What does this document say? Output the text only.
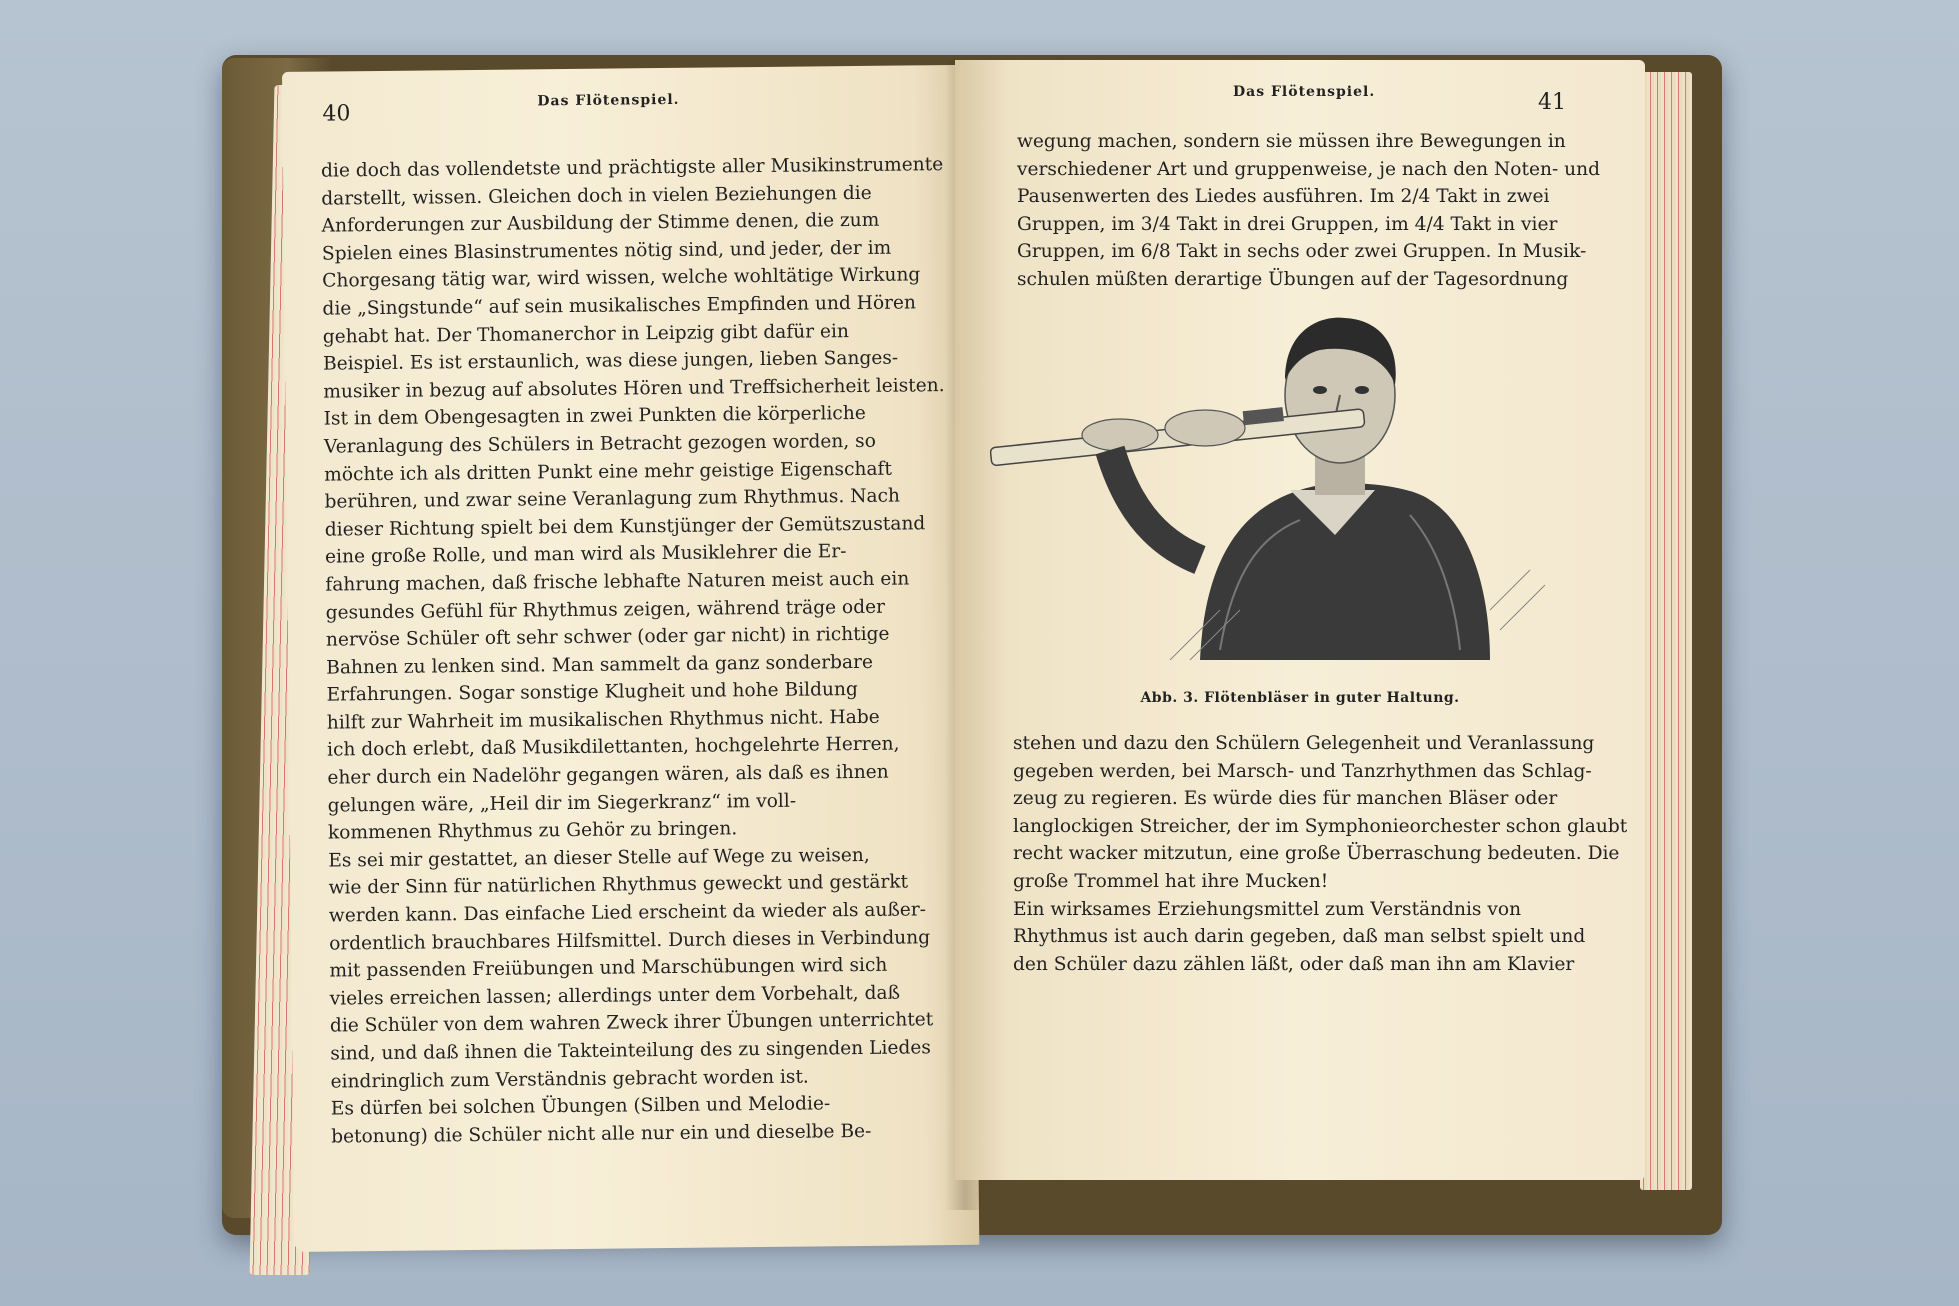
40
Das Flötenspiel.
die doch das vollendetste und prächtigste aller Musikinstrumente
darstellt, wissen. Gleichen doch in vielen Beziehungen die
Anforderungen zur Ausbildung der Stimme denen, die zum
Spielen eines Blasinstrumentes nötig sind, und jeder, der im
Chorgesang tätig war, wird wissen, welche wohltätige Wirkung
die „Singstunde“ auf sein musikalisches Empfinden und Hören
gehabt hat. Der Thomanerchor in Leipzig gibt dafür ein
Beispiel. Es ist erstaunlich, was diese jungen, lieben Sanges-
musiker in bezug auf absolutes Hören und Treffsicherheit leisten.
Ist in dem Obengesagten in zwei Punkten die körperliche
Veranlagung des Schülers in Betracht gezogen worden, so
möchte ich als dritten Punkt eine mehr geistige Eigenschaft
berühren, und zwar seine Veranlagung zum Rhythmus. Nach
dieser Richtung spielt bei dem Kunstjünger der Gemütszustand
eine große Rolle, und man wird als Musiklehrer die Er-
fahrung machen, daß frische lebhafte Naturen meist auch ein
gesundes Gefühl für Rhythmus zeigen, während träge oder
nervöse Schüler oft sehr schwer (oder gar nicht) in richtige
Bahnen zu lenken sind. Man sammelt da ganz sonderbare
Erfahrungen. Sogar sonstige Klugheit und hohe Bildung
hilft zur Wahrheit im musikalischen Rhythmus nicht. Habe
ich doch erlebt, daß Musikdilettanten, hochgelehrte Herren,
eher durch ein Nadelöhr gegangen wären, als daß es ihnen
gelungen wäre, „Heil dir im Siegerkranz“ im voll-
kommenen Rhythmus zu Gehör zu bringen.
Es sei mir gestattet, an dieser Stelle auf Wege zu weisen,
wie der Sinn für natürlichen Rhythmus geweckt und gestärkt
werden kann. Das einfache Lied erscheint da wieder als außer-
ordentlich brauchbares Hilfsmittel. Durch dieses in Verbindung
mit passenden Freiübungen und Marschübungen wird sich
vieles erreichen lassen; allerdings unter dem Vorbehalt, daß
die Schüler von dem wahren Zweck ihrer Übungen unterrichtet
sind, und daß ihnen die Takteinteilung des zu singenden Liedes
eindringlich zum Verständnis gebracht worden ist.
Es dürfen bei solchen Übungen (Silben und Melodie-
betonung) die Schüler nicht alle nur ein und dieselbe Be-
Das Flötenspiel.	41
wegung machen, sondern sie müssen ihre Bewegungen in
verschiedener Art und gruppenweise, je nach den Noten- und
Pausenwerten des Liedes ausführen. Im 2/4 Takt in zwei
Gruppen, im 3/4 Takt in drei Gruppen, im 4/4 Takt in vier
Gruppen, im 6/8 Takt in sechs oder zwei Gruppen. In Musik-
schulen müßten derartige Übungen auf der Tagesordnung
Abb. 3. Flötenbläser in guter Haltung.
stehen und dazu den Schülern Gelegenheit und Veranlassung
gegeben werden, bei Marsch- und Tanzrhythmen das Schlag-
zeug zu regieren. Es würde dies für manchen Bläser oder
langlockigen Streicher, der im Symphonieorchester schon glaubt
recht wacker mitzutun, eine große Überraschung bedeuten. Die
große Trommel hat ihre Mucken!
Ein wirksames Erziehungsmittel zum Verständnis von
Rhythmus ist auch darin gegeben, daß man selbst spielt und
den Schüler dazu zählen läßt, oder daß man ihn am Klavier
